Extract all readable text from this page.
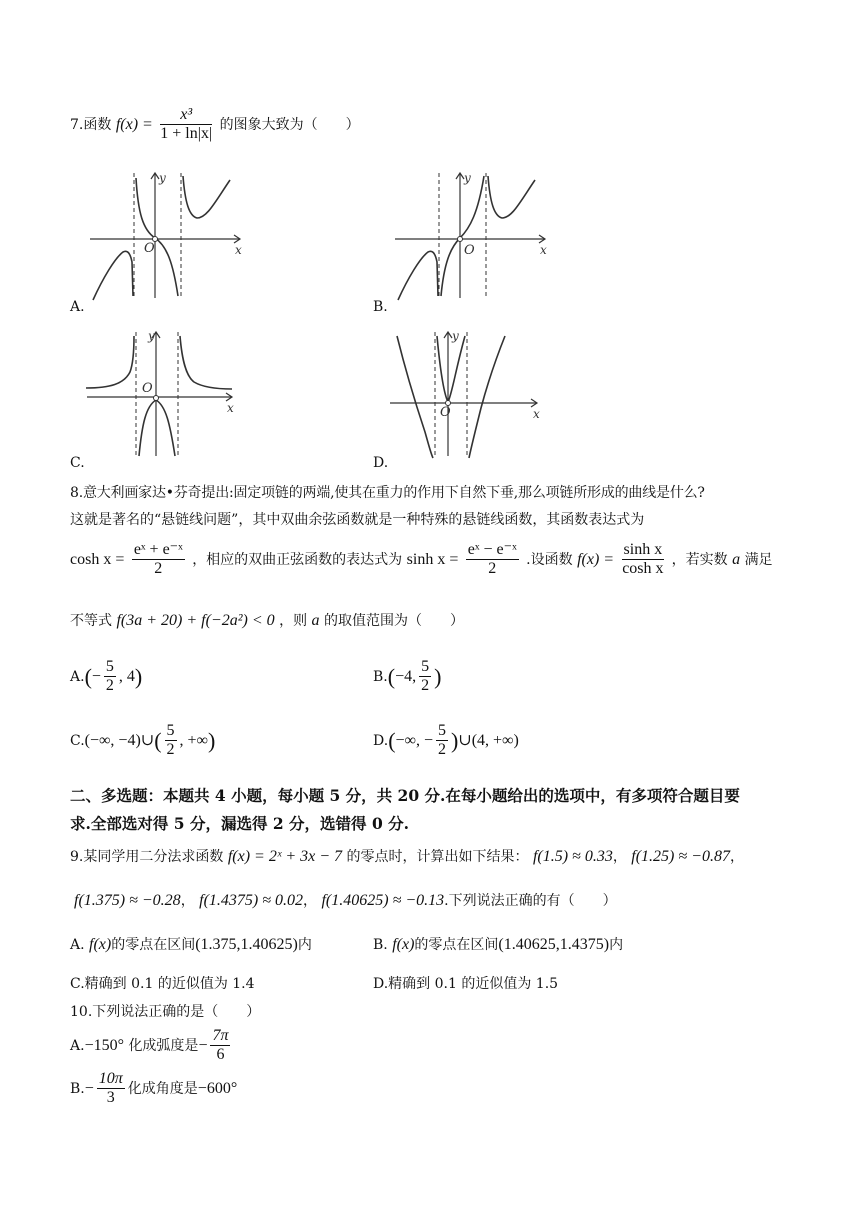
7.函数 $f(x) = \frac{\text{x³}}{1 + \ln|x|}$ 的图象大致为（　　）
O
y
x
A.
O
y
x
B.
O
y
x
C.
O
y
x
D.
8.意大利画家达•芬奇提出:固定项链的两端,使其在重力的作用下自然下垂,那么项链所形成的曲线是什么?
这就是著名的“悬链线问题”，其中双曲余弦函数就是一种特殊的悬链线函数，其函数表达式为
$\cosh x = \frac{\text{eˣ + e⁻ˣ}}{2}$ ，相应的双曲正弦函数的表达式为 $\sinh x = \frac{\text{eˣ − e⁻ˣ}}{2}$ .设函数 $f(x) = \frac{\text{sinh x}}{\text{cosh x}}$ ，若实数 a 满足
不等式 f(3a + 20) + f(−2a²) < 0 ，则 a 的取值范围为（　　）
$A.(- \frac{5}{2}$ , 4)	B.(−4, $\frac{5}{2}$ )
C.(−∞, −4)∪( $\frac{5}{2}$ , +∞)	D.(−∞, − $\frac{5}{2}$ )∪(4, +∞)
二、多选题：本题共 4 小题，每小题 5 分，共 20 分.在每小题给出的选项中，有多项符合题目要
求.全部选对得 5 分，漏选得 2 分，选错得 0 分.
9.某同学用二分法求函数 f(x) = 2ˣ + 3x − 7 的零点时，计算出如下结果： f(1.5) ≈ 0.33， f(1.25) ≈ −0.87，
f(1.375) ≈ −0.28， f(1.4375) ≈ 0.02， f(1.40625) ≈ −0.13.下列说法正确的有（　　）
A. f(x)的零点在区间(1.375,1.40625)内	B. f(x)的零点在区间(1.40625,1.4375)内
C.精确到 0.1 的近似值为 1.4	D.精确到 0.1 的近似值为 1.5
10.下列说法正确的是（　　）
A.−150° 化成弧度是− $\frac{7\pi}{6}$
$B.- \frac{10\pi}{3}$ 化成角度是−600°
